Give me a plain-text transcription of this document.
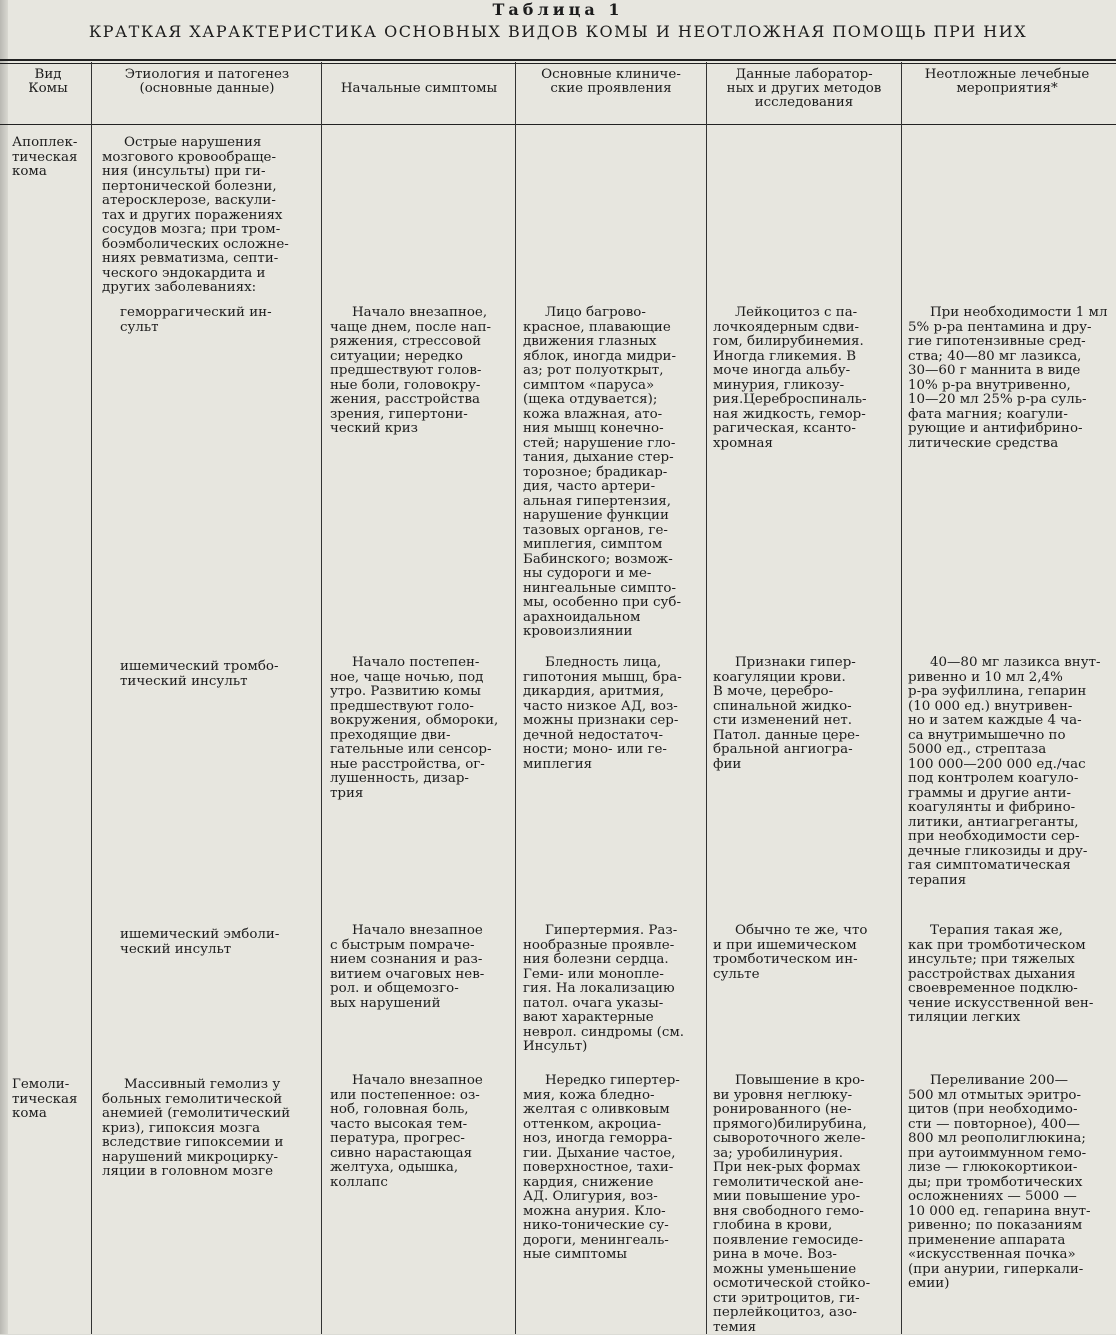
Таблица 1
КРАТКАЯ ХАРАКТЕРИСТИКА ОСНОВНЫХ ВИДОВ КОМЫ И НЕОТЛОЖНАЯ ПОМОЩЬ ПРИ НИХ
Вид
Комы
Этиология и патогенез
(основные данные)	Начальные симптомы
Основные клиниче-
ские проявления
Данные лаборатор-
ных и других методов
исследования
Неотложные лечебные
мероприятия*
Апоплек-
тическая
кома
Острые нарушения
мозгового кровообраще-
ния (инсульты) при ги-
пертонической болезни,
атеросклерозе, васкули-
тах и других поражениях
сосудов мозга; при тром-
боэмболических осложне-
ниях ревматизма, септи-
ческого эндокардита и
других заболеваниях:
геморрагический ин-
сульт
Начало внезапное,
чаще днем, после нап-
ряжения, стрессовой
ситуации; нередко
предшествуют голов-
ные боли, головокру-
жения, расстройства
зрения, гипертони-
ческий криз
Лицо багрово-
красное, плавающие
движения глазных
яблок, иногда мидри-
аз; рот полуоткрыт,
симптом «паруса»
(щека отдувается);
кожа влажная, ато-
ния мышц конечно-
стей; нарушение гло-
тания, дыхание стер-
торозное; брадикар-
дия, часто артери-
альная гипертензия,
нарушение функции
тазовых органов, ге-
миплегия, симптом
Бабинского; возмож-
ны судороги и ме-
нингеальные симпто-
мы, особенно при суб-
арахноидальном
кровоизлиянии
Лейкоцитоз с па-
лочкоядерным сдви-
гом, билирубинемия.
Иногда гликемия. В
моче иногда альбу-
минурия, гликозу-
рия.Цереброспиналь-
ная жидкость, гемор-
рагическая, ксанто-
хромная
При необходимости 1 мл
5% р-ра пентамина и дру-
гие гипотензивные сред-
ства; 40—80 мг лазикса,
30—60 г маннита в виде
10% р-ра внутривенно,
10—20 мл 25% р-ра суль-
фата магния; коагули-
рующие и антифибрино-
литические средства
ишемический тромбо-
тический инсульт
Начало постепен-
ное, чаще ночью, под
утро. Развитию комы
предшествуют голо-
вокружения, обмороки,
преходящие дви-
гательные или сенсор-
ные расстройства, ог-
лушенность, дизар-
трия
Бледность лица,
гипотония мышц, бра-
дикардия, аритмия,
часто низкое АД, воз-
можны признаки сер-
дечной недостаточ-
ности; моно- или ге-
миплегия
Признаки гипер-
коагуляции крови.
В моче, церебро-
спинальной жидко-
сти изменений нет.
Патол. данные цере-
бральной ангиогра-
фии
40—80 мг лазикса внут-
ривенно и 10 мл 2,4%
р-ра эуфиллина, гепарин
(10 000 ед.) внутривен-
но и затем каждые 4 ча-
са внутримышечно по
5000 ед., стрептаза
100 000—200 000 ед./час
под контролем коагуло-
граммы и другие анти-
коагулянты и фибрино-
литики, антиагреганты,
при необходимости сер-
дечные гликозиды и дру-
гая симптоматическая
терапия
ишемический эмболи-
ческий инсульт
Начало внезапное
с быстрым помраче-
нием сознания и раз-
витием очаговых нев-
рол. и общемозго-
вых нарушений
Гипертермия. Раз-
нообразные проявле-
ния болезни сердца.
Геми- или моноплe-
гия. На локализацию
патол. очага указы-
вают характерные
неврол. синдромы (см.
Инсульт)
Обычно те же, что
и при ишемическом
тромботическом ин-
сульте
Терапия такая же,
как при тромботическом
инсульте; при тяжелых
расстройствах дыхания
своевременное подклю-
чение искусственной вен-
тиляции легких
Гемоли-
тическая
кома
Массивный гемолиз у
больных гемолитической
анемией (гемолитический
криз), гипоксия мозга
вследствие гипоксемии и
нарушений микроцирку-
ляции в головном мозге
Начало внезапное
или постепенное: оз-
ноб, головная боль,
часто высокая тем-
пература, прогрес-
сивно нарастающая
желтуха, одышка,
коллапс
Нередко гипертер-
мия, кожа бледно-
желтая с оливковым
оттенком, акроциа-
ноз, иногда геморра-
гии. Дыхание частое,
поверхностное, тахи-
кардия, снижение
АД. Олигурия, воз-
можна анурия. Кло-
нико-тонические су-
дороги, менингеаль-
ные симптомы
Повышение в кро-
ви уровня неглюку-
ронированного (не-
прямого)билирубина,
сывороточного желе-
за; уробилинурия.
При нек-рых формах
гемолитической ане-
мии повышение уро-
вня свободного гемо-
глобина в крови,
появление гемосиде-
рина в моче. Воз-
можны уменьшение
осмотической стойко-
сти эритроцитов, ги-
перлейкоцитоз, азо-
темия
Переливание 200—
500 мл отмытых эритро-
цитов (при необходимо-
сти — повторное), 400—
800 мл реополиглюкина;
при аутоиммунном гемо-
лизе — глюкокортикои-
ды; при тромботических
осложнениях — 5000 —
10 000 ед. гепарина внут-
ривенно; по показаниям
применение аппарата
«искусственная почка»
(при анурии, гиперкали-
емии)
